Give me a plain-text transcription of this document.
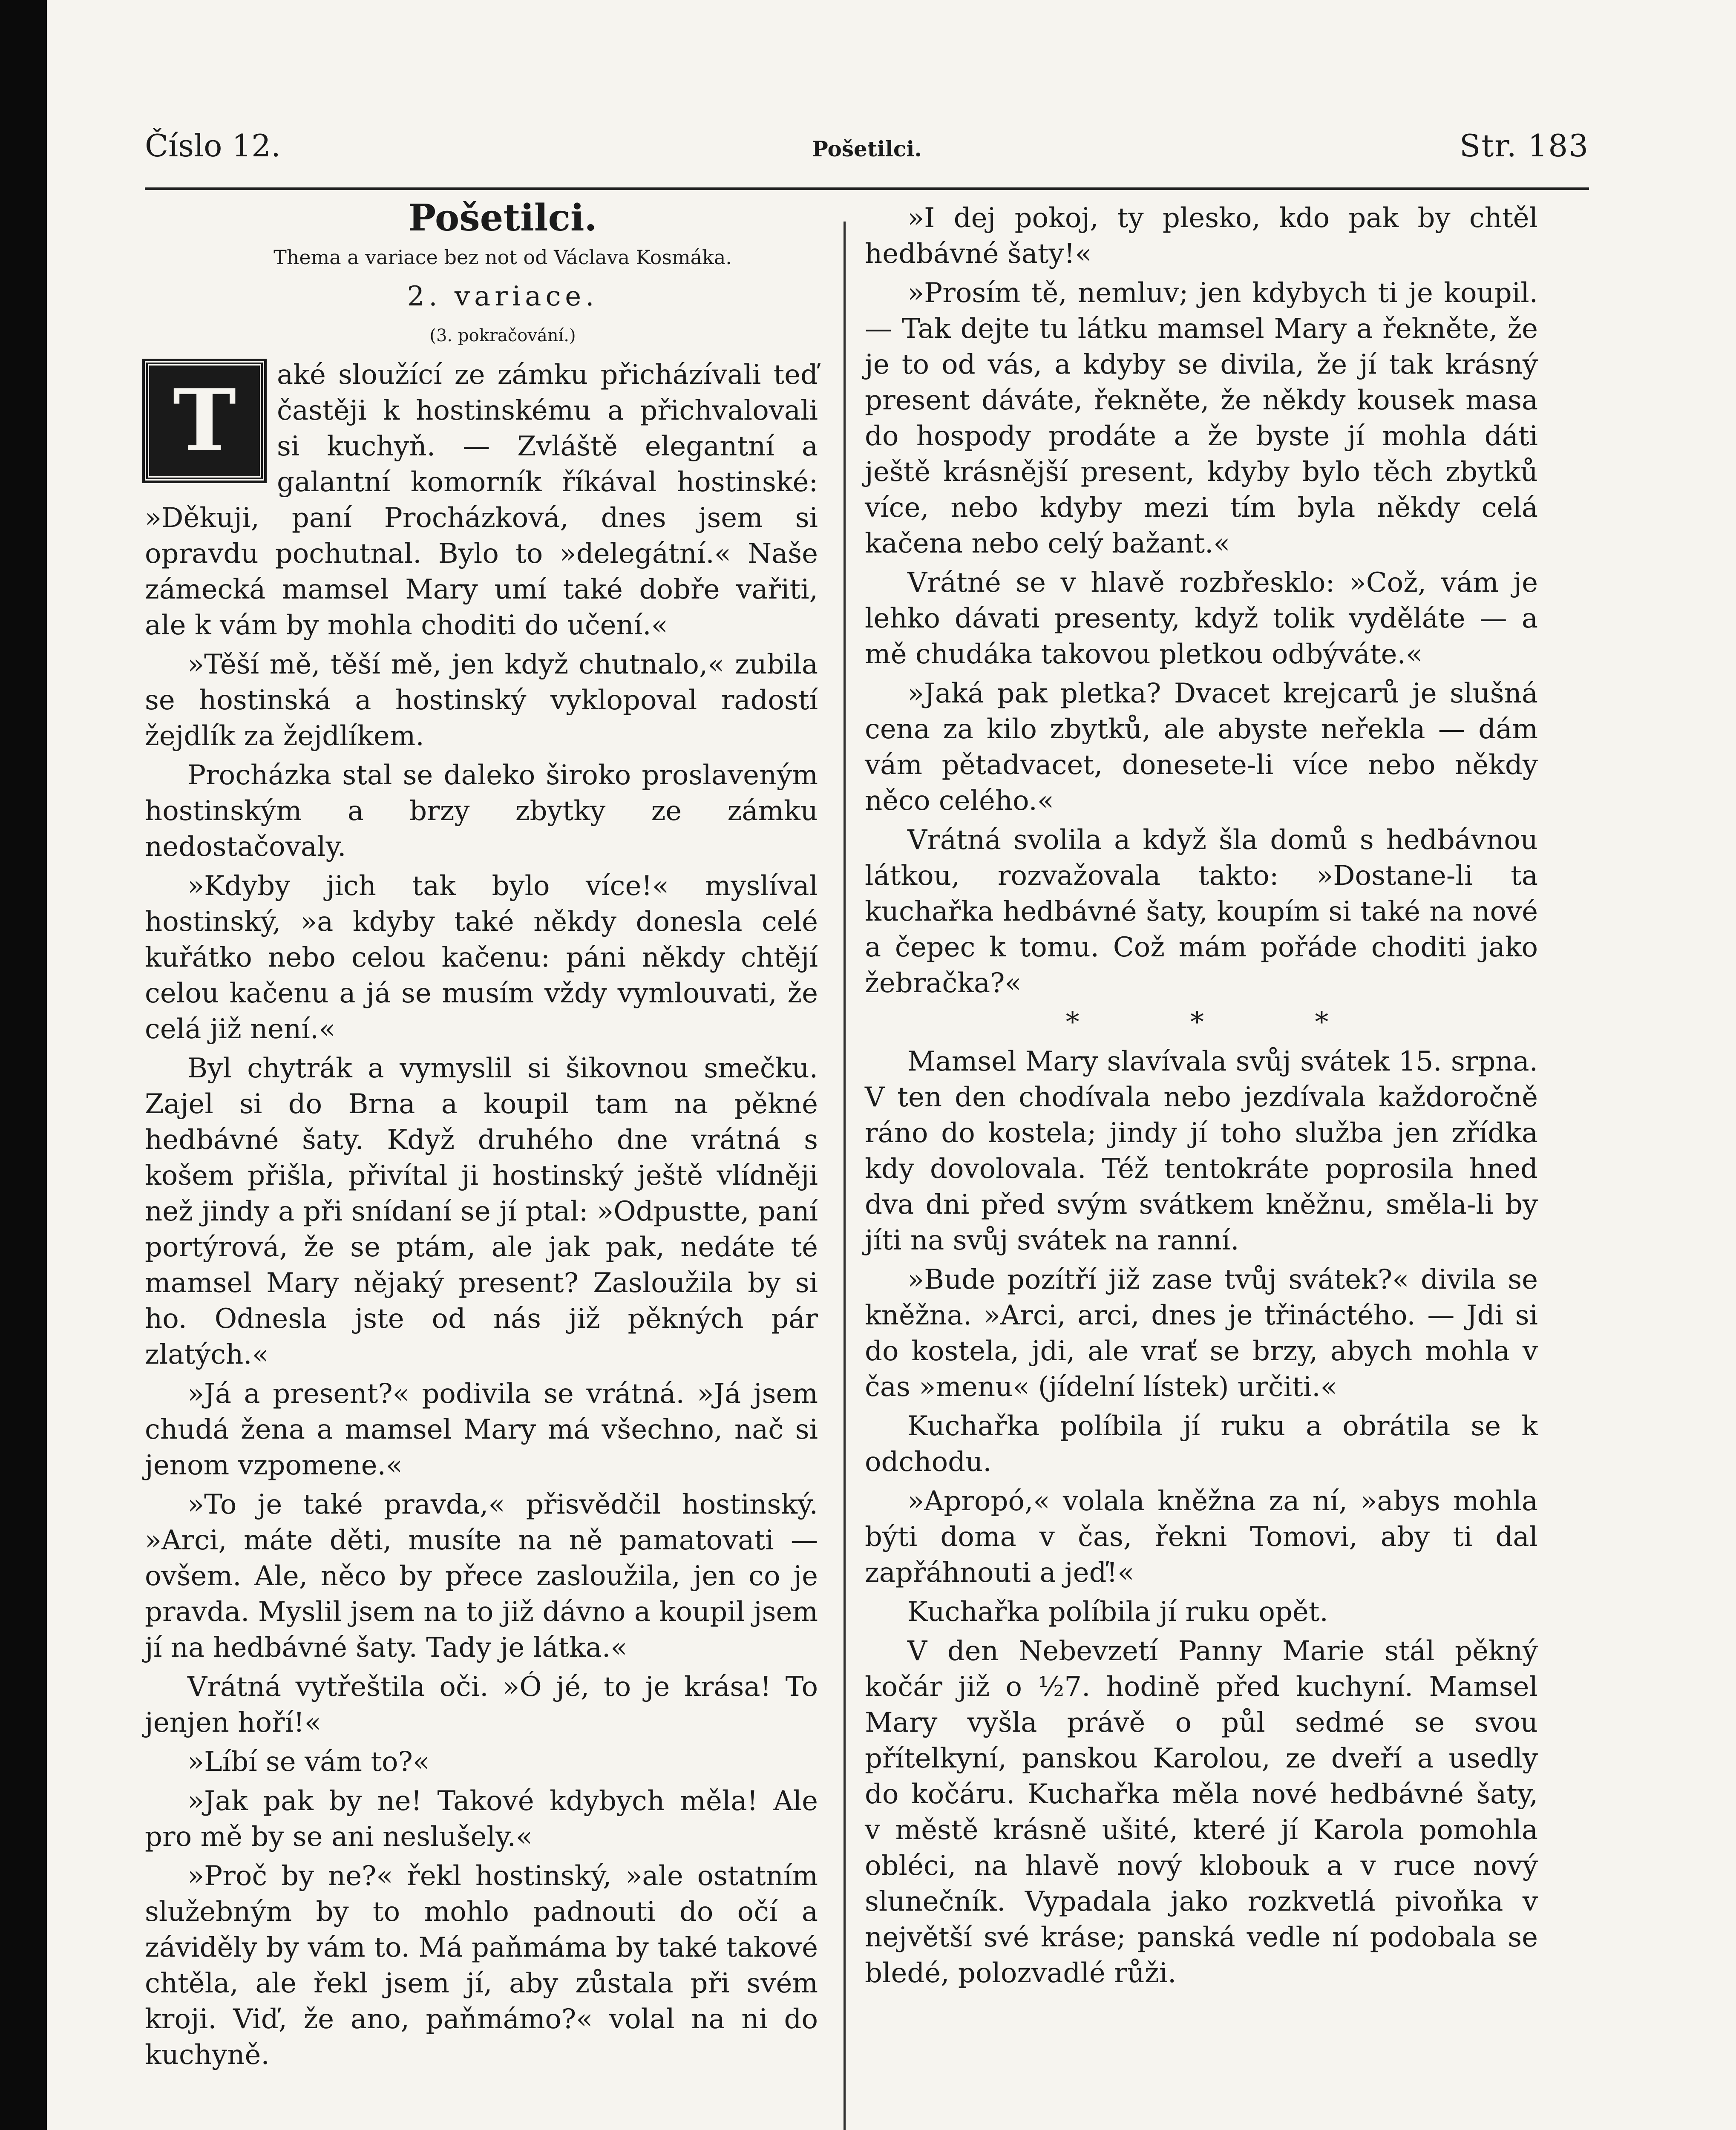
Číslo 12.	Pošetilci.	Str. 183

Pošetilci.

Thema a variace bez not od Václava Kosmáka.

2. variace.

(3. pokračování.)

T	aké sloužící ze zámku přicházívali teď častěji k hostinskému a přichvalovali si kuchyň. — Zvláště elegantní a galantní komorník říkával hostinské: »Děkuji, paní Procházková, dnes jsem si opravdu pochutnal. Bylo to »delegátní.« Naše zámecká mamsel Mary umí také dobře vařiti, ale k vám by mohla choditi do učení.«

»Těší mě, těší mě, jen když chutnalo,« zubila se hostinská a hostinský vyklopoval radostí žejdlík za žejdlíkem.

Procházka stal se daleko široko proslaveným hostinským a brzy zbytky ze zámku nedostačovaly.

»Kdyby jich tak bylo více!« myslíval hostinský, »a kdyby také někdy donesla celé kuřátko nebo celou kačenu: páni někdy chtějí celou kačenu a já se musím vždy vymlouvati, že celá již není.«

Byl chytrák a vymyslil si šikovnou smečku. Zajel si do Brna a koupil tam na pěkné hedbávné šaty. Když druhého dne vrátná s košem přišla, přivítal ji hostinský ještě vlídněji než jindy a při snídaní se jí ptal: »Odpustte, paní portýrová, že se ptám, ale jak pak, nedáte té mamsel Mary nějaký present? Zasloužila by si ho. Odnesla jste od nás již pěkných pár zlatých.«

»Já a present?« podivila se vrátná. »Já jsem chudá žena a mamsel Mary má všechno, nač si jenom vzpomene.«

»To je také pravda,« přisvědčil hostinský. »Arci, máte děti, musíte na ně pamatovati — ovšem. Ale, něco by přece zasloužila, jen co je pravda. Myslil jsem na to již dávno a koupil jsem jí na hedbávné šaty. Tady je látka.«

Vrátná vytřeštila oči. »Ó jé, to je krása! To jenjen hoří!«

»Líbí se vám to?«

»Jak pak by ne! Takové kdybych měla! Ale pro mě by se ani neslušely.«

»Proč by ne?« řekl hostinský, »ale ostatním služebným by to mohlo padnouti do očí a záviděly by vám to. Má paňmáma by také takové chtěla, ale řekl jsem jí, aby zůstala při svém kroji. Viď, že ano, paňmámo?« volal na ni do kuchyně.

»I dej pokoj, ty plesko, kdo pak by chtěl hedbávné šaty!«

»Prosím tě, nemluv; jen kdybych ti je koupil. — Tak dejte tu látku mamsel Mary a řekněte, že je to od vás, a kdyby se divila, že jí tak krásný present dáváte, řekněte, že někdy kousek masa do hospody prodáte a že byste jí mohla dáti ještě krásnější present, kdyby bylo těch zbytků více, nebo kdyby mezi tím byla někdy celá kačena nebo celý bažant.«

Vrátné se v hlavě rozbřesklo: »Což, vám je lehko dávati presenty, když tolik vyděláte — a mě chudáka takovou pletkou odbýváte.«

»Jaká pak pletka? Dvacet krejcarů je slušná cena za kilo zbytků, ale abyste neřekla — dám vám pětadvacet, donesete-li více nebo někdy něco celého.«

Vrátná svolila a když šla domů s hedbávnou látkou, rozvažovala takto: »Dostane-li ta kuchařka hedbávné šaty, koupím si také na nové a čepec k tomu. Což mám pořáde choditi jako žebračka?«

* * *

Mamsel Mary slavívala svůj svátek 15. srpna. V ten den chodívala nebo jezdívala každoročně ráno do kostela; jindy jí toho služba jen zřídka kdy dovolovala. Též tentokráte poprosila hned dva dni před svým svátkem kněžnu, směla-li by jíti na svůj svátek na ranní.

»Bude pozítří již zase tvůj svátek?« divila se kněžna. »Arci, arci, dnes je třináctého. — Jdi si do kostela, jdi, ale vrať se brzy, abych mohla v čas »menu« (jídelní lístek) určiti.«

Kuchařka políbila jí ruku a obrátila se k odchodu.

»Apropó,« volala kněžna za ní, »abys mohla býti doma v čas, řekni Tomovi, aby ti dal zapřáhnouti a jeď!«

Kuchařka políbila jí ruku opět.

V den Nebevzetí Panny Marie stál pěkný kočár již o ½7. hodině před kuchyní. Mamsel Mary vyšla právě o půl sedmé se svou přítelkyní, panskou Karolou, ze dveří a usedly do kočáru. Kuchařka měla nové hedbávné šaty, v městě krásně ušité, které jí Karola pomohla obléci, na hlavě nový klobouk a v ruce nový slunečník. Vypadala jako rozkvetlá pivoňka v největší své kráse; panská vedle ní podobala se bledé, polozvadlé růži.
